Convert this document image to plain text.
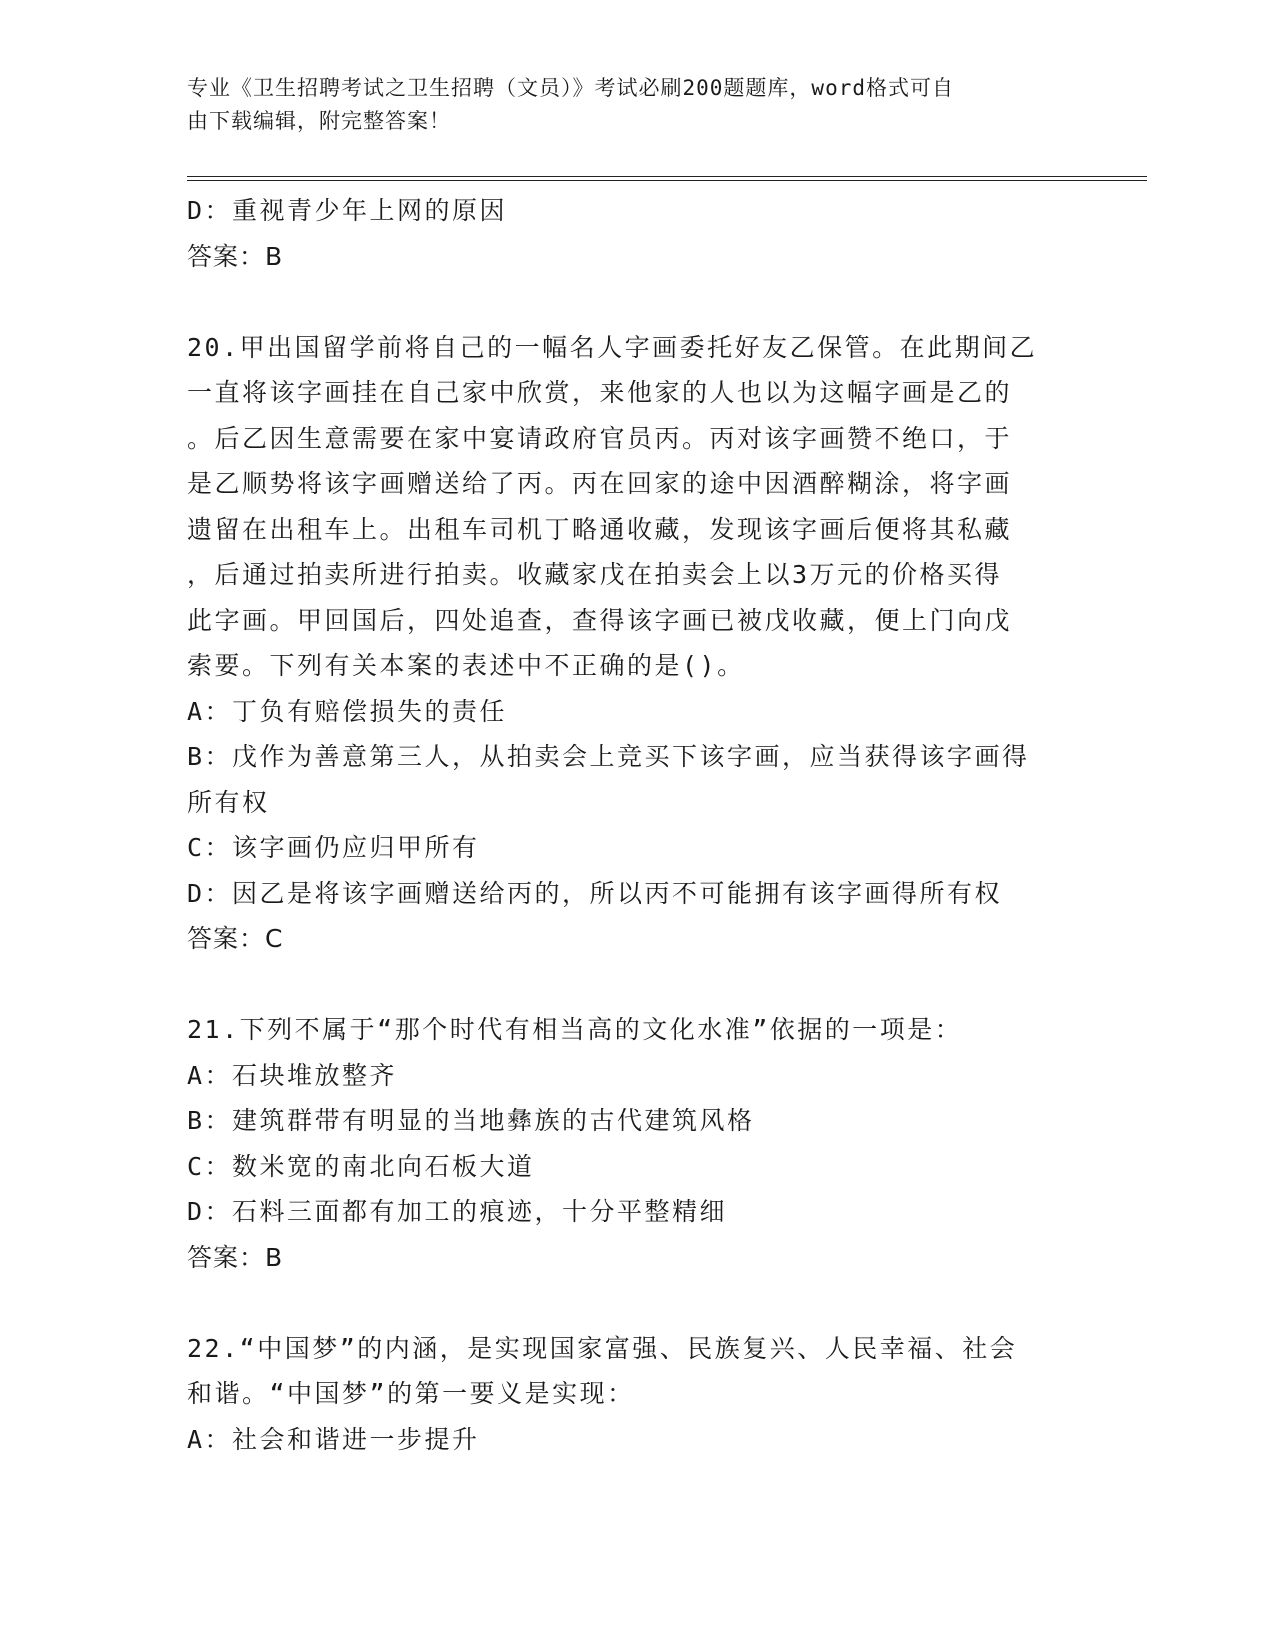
专业《卫生招聘考试之卫生招聘（文员）》考试必刷200题题库，word格式可自
由下载编辑，附完整答案！
D：重视青少年上网的原因
答案：B
20.甲出国留学前将自己的一幅名人字画委托好友乙保管。在此期间乙
一直将该字画挂在自己家中欣赏，来他家的人也以为这幅字画是乙的
。后乙因生意需要在家中宴请政府官员丙。丙对该字画赞不绝口，于
是乙顺势将该字画赠送给了丙。丙在回家的途中因酒醉糊涂，将字画
遗留在出租车上。出租车司机丁略通收藏，发现该字画后便将其私藏
，后通过拍卖所进行拍卖。收藏家戊在拍卖会上以3万元的价格买得
此字画。甲回国后，四处追查，查得该字画已被戊收藏，便上门向戊
索要。下列有关本案的表述中不正确的是()。
A：丁负有赔偿损失的责任
B：戊作为善意第三人，从拍卖会上竞买下该字画，应当获得该字画得
所有权
C：该字画仍应归甲所有
D：因乙是将该字画赠送给丙的，所以丙不可能拥有该字画得所有权
答案：C
21.下列不属于“那个时代有相当高的文化水准”依据的一项是：
A：石块堆放整齐
B：建筑群带有明显的当地彝族的古代建筑风格
C：数米宽的南北向石板大道
D：石料三面都有加工的痕迹，十分平整精细
答案：B
22.“中国梦”的内涵，是实现国家富强、民族复兴、人民幸福、社会
和谐。“中国梦”的第一要义是实现：
A：社会和谐进一步提升
